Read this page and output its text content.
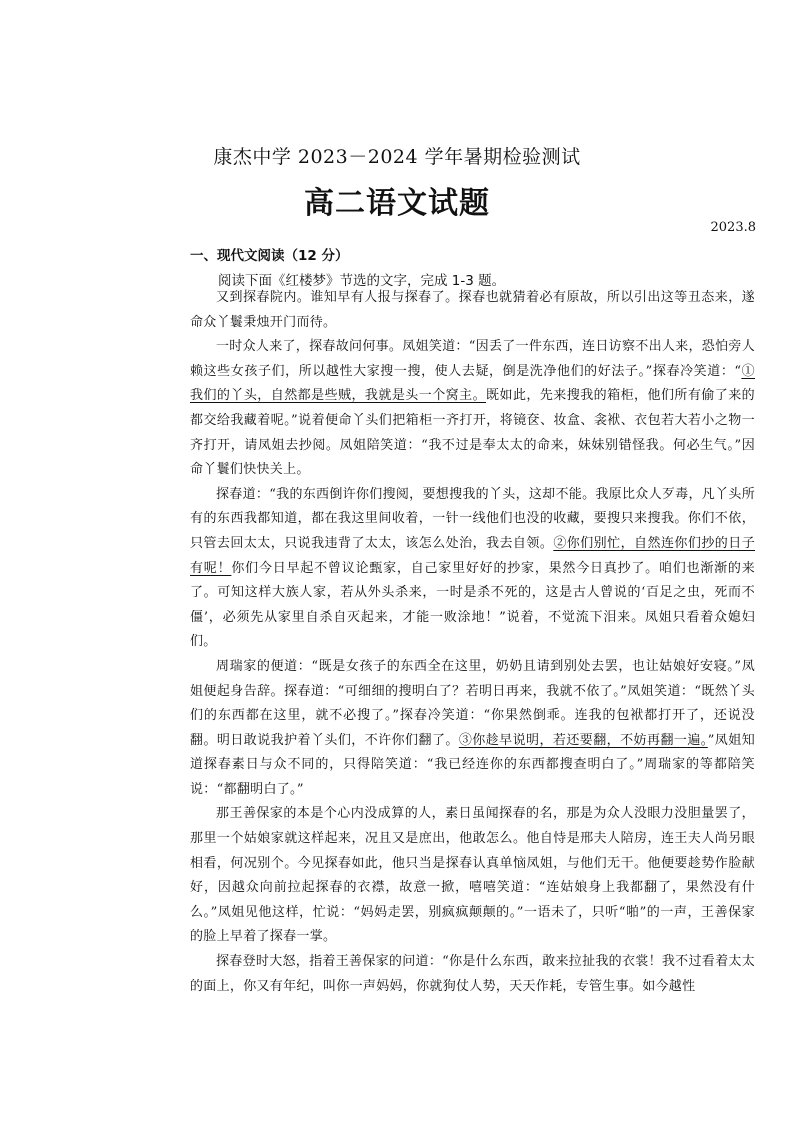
康杰中学 2023－2024 学年暑期检验测试
高二语文试题
2023.8
一、现代文阅读（12 分）
阅读下面《红楼梦》节选的文字，完成 1-3 题。

又到探春院内。谁知早有人报与探春了。探春也就猜着必有原故，所以引出这等丑态来，遂命众丫鬟秉烛开门而待。

一时众人来了，探春故问何事。凤姐笑道：“因丢了一件东西，连日访察不出人来，恐怕旁人赖这些女孩子们，所以越性大家搜一搜，使人去疑，倒是洗净他们的好法子。”探春冷笑道：“①我们的丫头，自然都是些贼，我就是头一个窝主。既如此，先来搜我的箱柜，他们所有偷了来的都交给我藏着呢。”说着便命丫头们把箱柜一齐打开，将镜奁、妆盒、衾袱、衣包若大若小之物一齐打开，请凤姐去抄阅。凤姐陪笑道：“我不过是奉太太的命来，妹妹别错怪我。何必生气。”因命丫鬟们快快关上。

探春道：“我的东西倒许你们搜阅，要想搜我的丫头，这却不能。我原比众人歹毒，凡丫头所有的东西我都知道，都在我这里间收着，一针一线他们也没的收藏，要搜只来搜我。你们不依，只管去回太太，只说我违背了太太，该怎么处治，我去自领。②你们别忙，自然连你们抄的日子有呢！你们今日早起不曾议论甄家，自己家里好好的抄家，果然今日真抄了。咱们也渐渐的来了。可知这样大族人家，若从外头杀来，一时是杀不死的，这是古人曾说的‘百足之虫，死而不僵’，必须先从家里自杀自灭起来，才能一败涂地！”说着，不觉流下泪来。凤姐只看着众媳妇们。

周瑞家的便道：“既是女孩子的东西全在这里，奶奶且请到别处去罢，也让姑娘好安寝。”凤姐便起身告辞。探春道：“可细细的搜明白了？若明日再来，我就不依了。”凤姐笑道：“既然丫头们的东西都在这里，就不必搜了。”探春冷笑道：“你果然倒乖。连我的包袱都打开了，还说没翻。明日敢说我护着丫头们，不许你们翻了。③你趁早说明，若还要翻，不妨再翻一遍。”凤姐知道探春素日与众不同的，只得陪笑道：“我已经连你的东西都搜查明白了。”周瑞家的等都陪笑说：“都翻明白了。”

那王善保家的本是个心内没成算的人，素日虽闻探春的名，那是为众人没眼力没胆量罢了，那里一个姑娘家就这样起来，况且又是庶出，他敢怎么。他自恃是邢夫人陪房，连王夫人尚另眼相看，何况别个。今见探春如此，他只当是探春认真单恼凤姐，与他们无干。他便要趁势作脸献好，因越众向前拉起探春的衣襟，故意一掀，嘻嘻笑道：“连姑娘身上我都翻了，果然没有什么。”凤姐见他这样，忙说：“妈妈走罢，别疯疯颠颠的。”一语未了，只听“啪”的一声，王善保家的脸上早着了探春一掌。

探春登时大怒，指着王善保家的问道：“你是什么东西，敢来拉扯我的衣裳！我不过看着太太的面上，你又有年纪，叫你一声妈妈，你就狗仗人势，天天作耗，专管生事。如今越性
